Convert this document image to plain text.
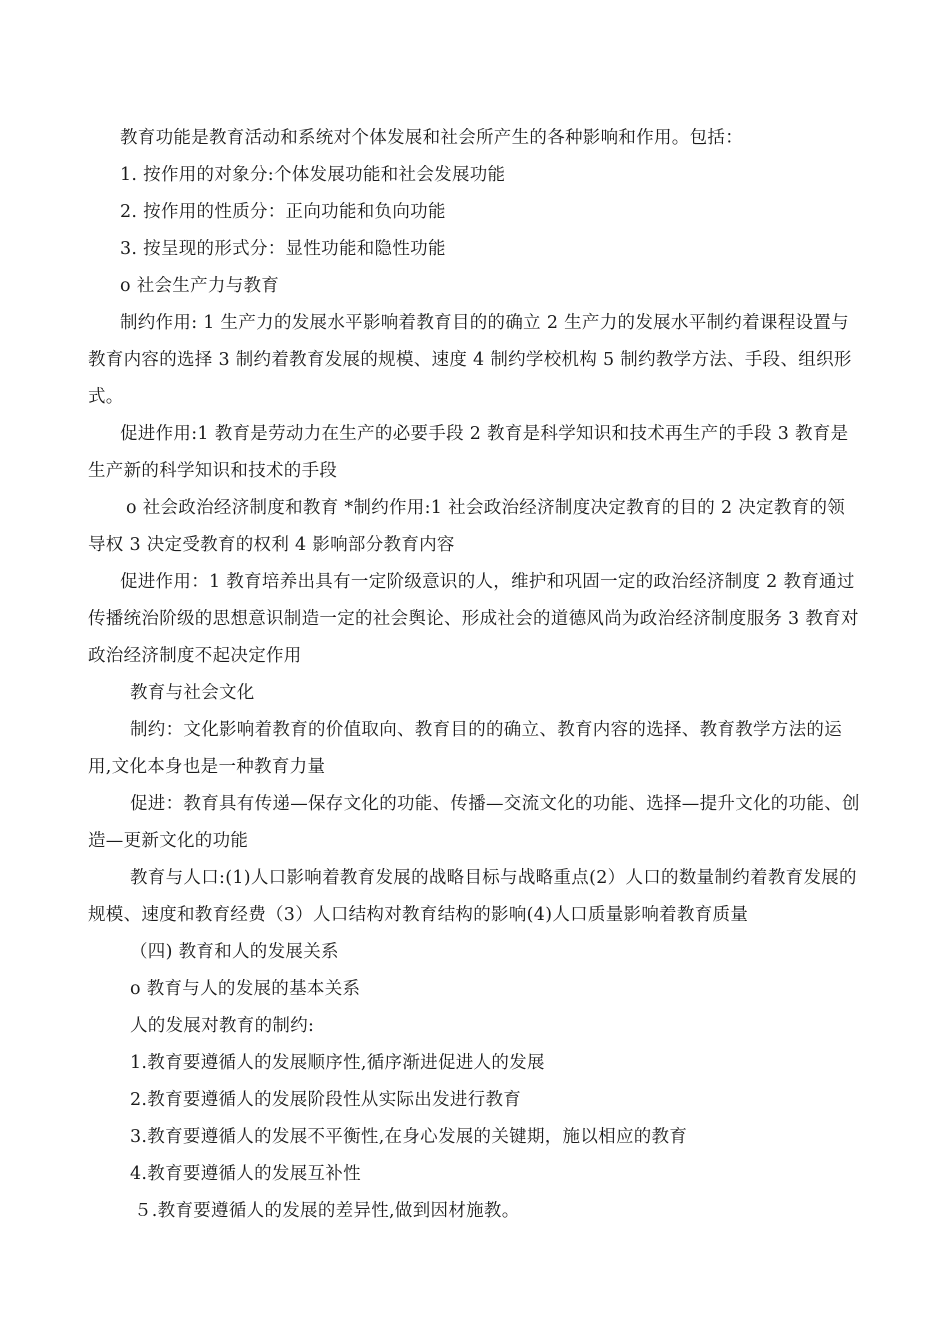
教育功能是教育活动和系统对个体发展和社会所产生的各种影响和作用。包括：

1. 按作用的对象分:个体发展功能和社会发展功能

2. 按作用的性质分：正向功能和负向功能

3. 按呈现的形式分：显性功能和隐性功能

o 社会生产力与教育

制约作用: 1 生产力的发展水平影响着教育目的的确立 2 生产力的发展水平制约着课程设置与教育内容的选择 3 制约着教育发展的规模、速度 4 制约学校机构 5 制约教学方法、手段、组织形式。

促进作用:1 教育是劳动力在生产的必要手段 2 教育是科学知识和技术再生产的手段 3 教育是生产新的科学知识和技术的手段

o 社会政治经济制度和教育 *制约作用:1 社会政治经济制度决定教育的目的 2 决定教育的领导权 3 决定受教育的权利 4 影响部分教育内容

促进作用：1 教育培养出具有一定阶级意识的人，维护和巩固一定的政治经济制度 2 教育通过传播统治阶级的思想意识制造一定的社会舆论、形成社会的道德风尚为政治经济制度服务 3 教育对政治经济制度不起决定作用

教育与社会文化

制约：文化影响着教育的价值取向、教育目的的确立、教育内容的选择、教育教学方法的运用,文化本身也是一种教育力量

促进：教育具有传递—保存文化的功能、传播—交流文化的功能、选择—提升文化的功能、创造—更新文化的功能

教育与人口:(1)人口影响着教育发展的战略目标与战略重点(2）人口的数量制约着教育发展的规模、速度和教育经费（3）人口结构对教育结构的影响(4)人口质量影响着教育质量

（四) 教育和人的发展关系

o 教育与人的发展的基本关系

人的发展对教育的制约:

1.教育要遵循人的发展顺序性,循序渐进促进人的发展

2.教育要遵循人的发展阶段性从实际出发进行教育

3.教育要遵循人的发展不平衡性,在身心发展的关键期，施以相应的教育

4.教育要遵循人的发展互补性

５.教育要遵循人的发展的差异性,做到因材施教。
